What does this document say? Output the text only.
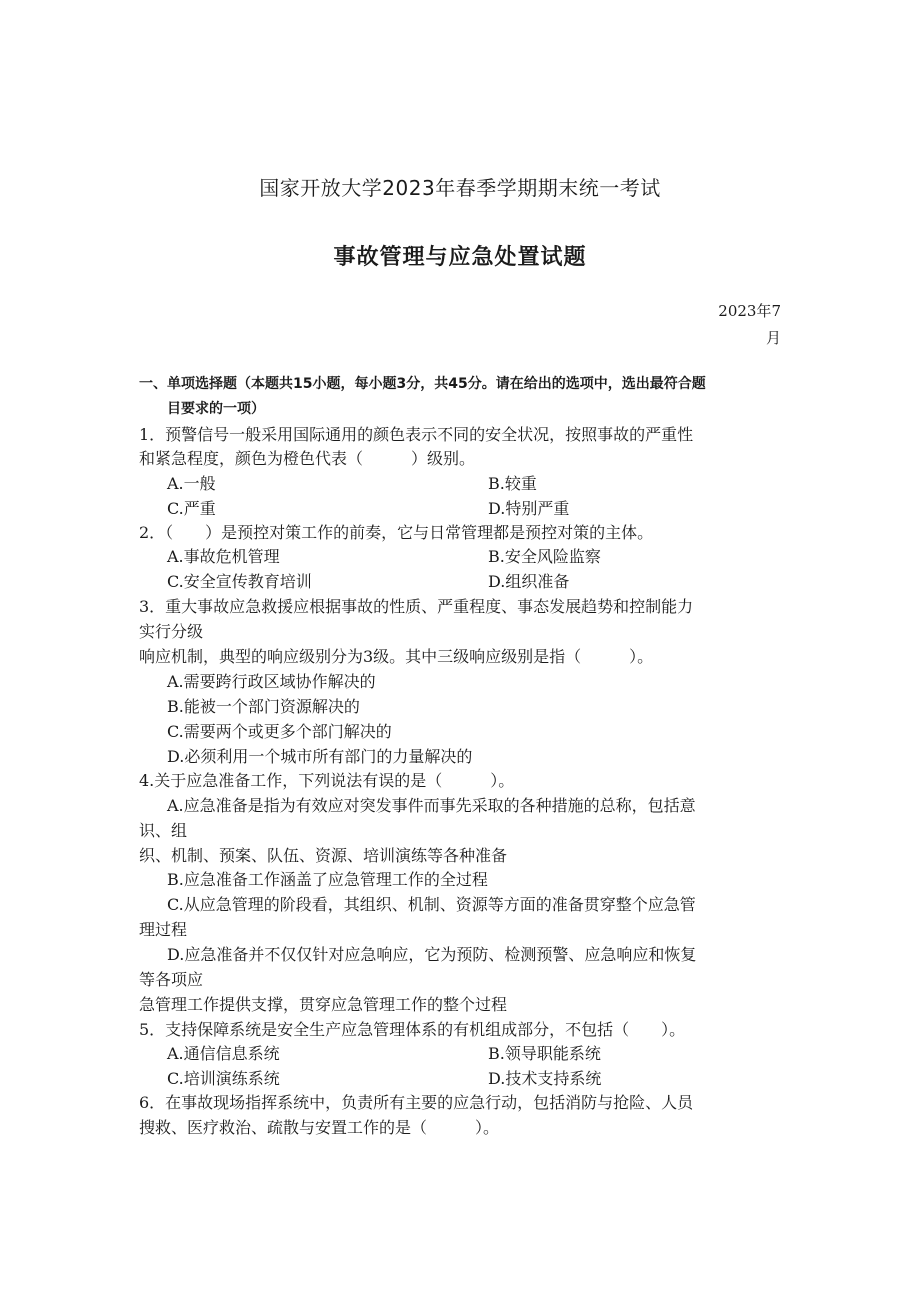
国家开放大学2023年春季学期期末统一考试
事故管理与应急处置试题
2023年7
月
一、单项选择题（本题共15小题，每小题3分，共45分。请在给出的选项中，选出最符合题
目要求的一项）
1．预警信号一般采用国际通用的颜色表示不同的安全状况，按照事故的严重性
和紧急程度，颜色为橙色代表（　　　）级别。
A.一般	B.较重
C.严重	D.特别严重
2．（　　）是预控对策工作的前奏，它与日常管理都是预控对策的主体。
A.事故危机管理	B.安全风险监察
C.安全宣传教育培训	D.组织准备
3．重大事故应急救援应根据事故的性质、严重程度、事态发展趋势和控制能力
实行分级
响应机制，典型的响应级别分为3级。其中三级响应级别是指（　　　）。
A.需要跨行政区域协作解决的
B.能被一个部门资源解决的
C.需要两个或更多个部门解决的
D.必须利用一个城市所有部门的力量解决的
4.关于应急准备工作，下列说法有误的是（　　　）。
A.应急准备是指为有效应对突发事件而事先采取的各种措施的总称，包括意
识、组
织、机制、预案、队伍、资源、培训演练等各种准备
B.应急准备工作涵盖了应急管理工作的全过程
C.从应急管理的阶段看，其组织、机制、资源等方面的准备贯穿整个应急管
理过程
D.应急准备并不仅仅针对应急响应，它为预防、检测预警、应急响应和恢复
等各项应
急管理工作提供支撑，贯穿应急管理工作的整个过程
5．支持保障系统是安全生产应急管理体系的有机组成部分，不包括（　　）。
A.通信信息系统	B.领导职能系统
C.培训演练系统	D.技术支持系统
6．在事故现场指挥系统中，负责所有主要的应急行动，包括消防与抢险、人员
搜救、医疗救治、疏散与安置工作的是（　　　）。
